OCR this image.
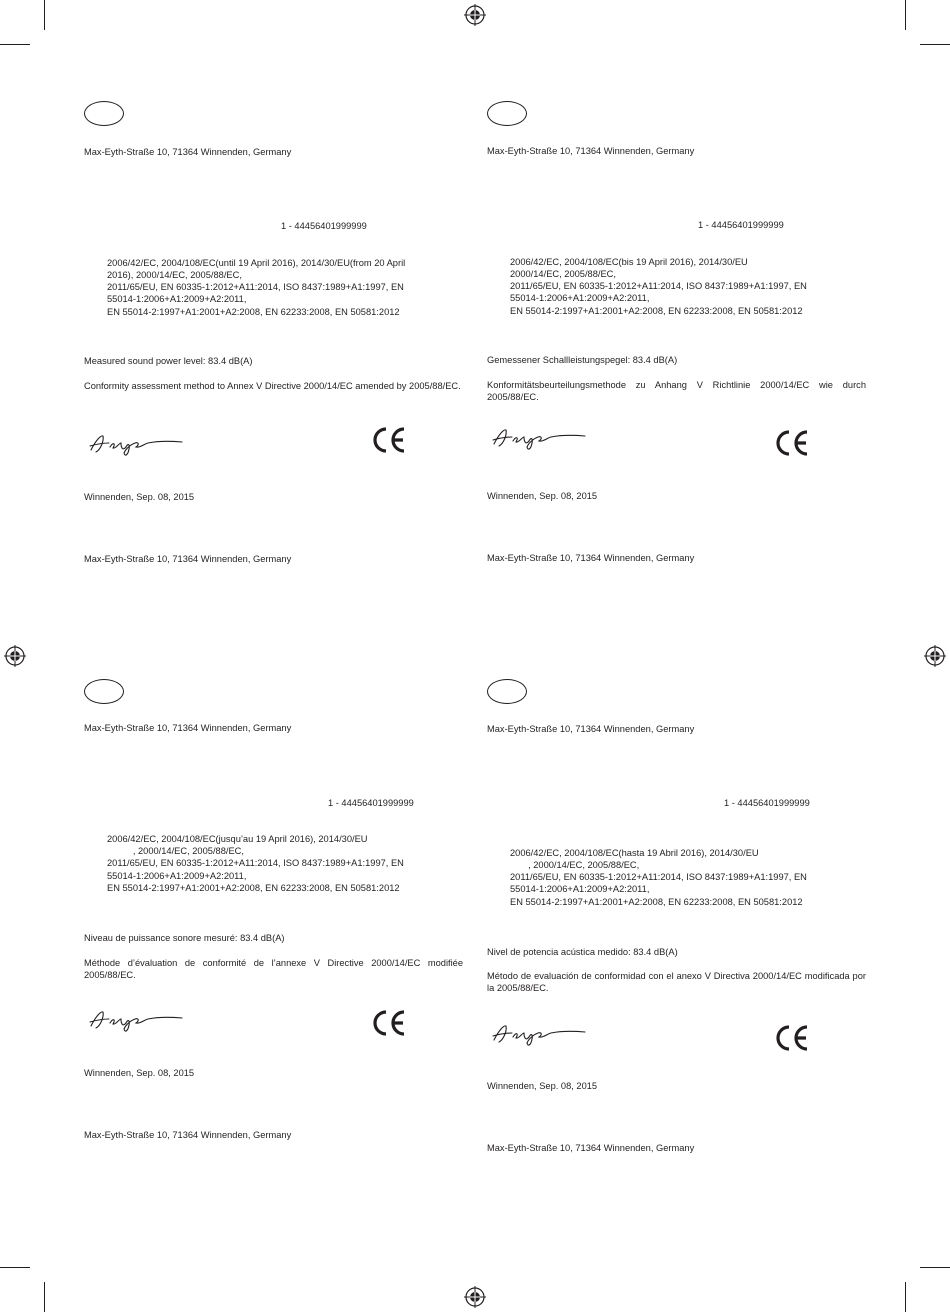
Max-Eyth-Straße 10, 71364 Winnenden, Germany
1 - 44456401999999
2006/42/EC, 2004/108/EC(until 19 April 2016), 2014/30/EU(from 20 April
2016), 2000/14/EC, 2005/88/EC,
2011/65/EU, EN 60335-1:2012+A11:2014, ISO 8437:1989+A1:1997, EN
55014-1:2006+A1:2009+A2:2011,
EN 55014-2:1997+A1:2001+A2:2008, EN 62233:2008, EN 50581:2012
Measured sound power level: 83.4 dB(A)
Conformity assessment method to Annex V Directive 2000/14/EC amended by 2005/88/EC.
Winnenden, Sep. 08, 2015
Max-Eyth-Straße 10, 71364 Winnenden, Germany
Max-Eyth-Straße 10, 71364 Winnenden, Germany
1 - 44456401999999
2006/42/EC, 2004/108/EC(bis 19 April 2016), 2014/30/EU
2000/14/EC, 2005/88/EC,
2011/65/EU, EN 60335-1:2012+A11:2014, ISO 8437:1989+A1:1997, EN
55014-1:2006+A1:2009+A2:2011,
EN 55014-2:1997+A1:2001+A2:2008, EN 62233:2008, EN 50581:2012
Gemessener Schallleistungspegel: 83.4 dB(A)
Konformitätsbeurteilungsmethode zu Anhang V Richtlinie 2000/14/EC wie durch 2005/88/EC.
Winnenden, Sep. 08, 2015
Max-Eyth-Straße 10, 71364 Winnenden, Germany
Max-Eyth-Straße 10, 71364 Winnenden, Germany
1 - 44456401999999
2006/42/EC, 2004/108/EC(jusqu’au 19 April 2016), 2014/30/EU
, 2000/14/EC, 2005/88/EC,
2011/65/EU, EN 60335-1:2012+A11:2014, ISO 8437:1989+A1:1997, EN
55014-1:2006+A1:2009+A2:2011,
EN 55014-2:1997+A1:2001+A2:2008, EN 62233:2008, EN 50581:2012
Niveau de puissance sonore mesuré: 83.4 dB(A)
Méthode d’évaluation de conformité de l’annexe V Directive 2000/14/EC modifiée 2005/88/EC.
Winnenden, Sep. 08, 2015
Max-Eyth-Straße 10, 71364 Winnenden, Germany
Max-Eyth-Straße 10, 71364 Winnenden, Germany
1 - 44456401999999
2006/42/EC, 2004/108/EC(hasta 19 Abril 2016), 2014/30/EU
, 2000/14/EC, 2005/88/EC,
2011/65/EU, EN 60335-1:2012+A11:2014, ISO 8437:1989+A1:1997, EN
55014-1:2006+A1:2009+A2:2011,
EN 55014-2:1997+A1:2001+A2:2008, EN 62233:2008, EN 50581:2012
Nivel de potencia acústica medido: 83.4 dB(A)
Método de evaluación de conformidad con el anexo V Directiva 2000/14/EC modificada por la 2005/88/EC.
Winnenden, Sep. 08, 2015
Max-Eyth-Straße 10, 71364 Winnenden, Germany
